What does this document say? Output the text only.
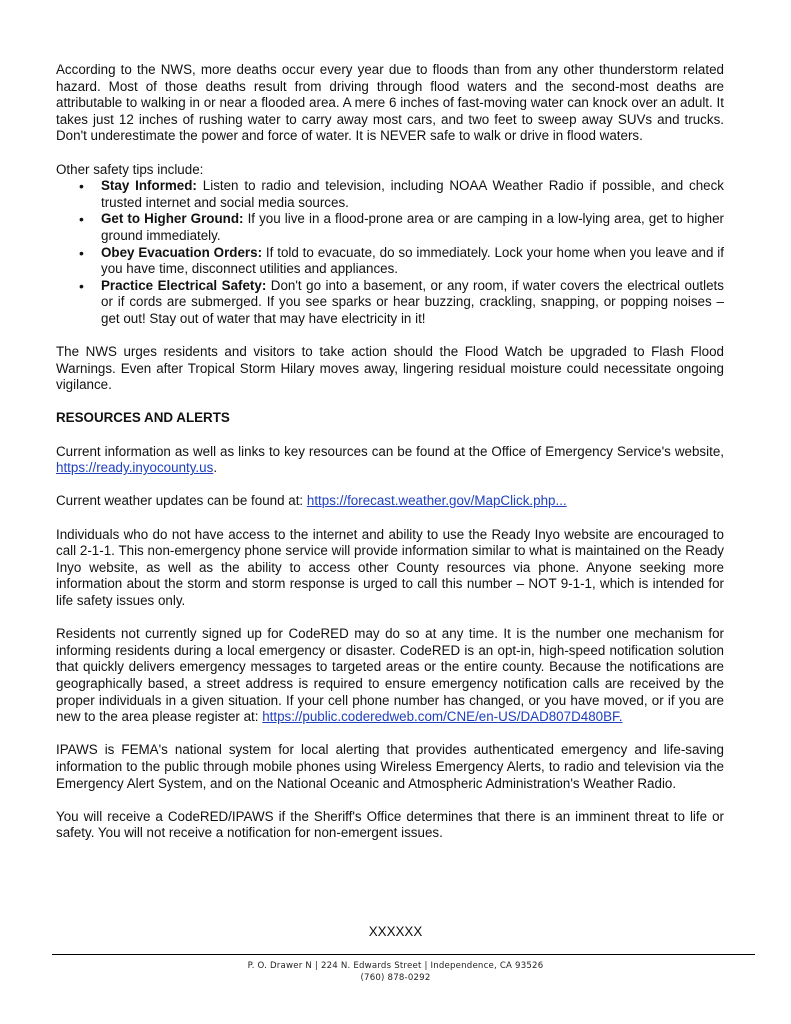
According to the NWS, more deaths occur every year due to floods than from any other thunderstorm related hazard. Most of those deaths result from driving through flood waters and the second-most deaths are attributable to walking in or near a flooded area. A mere 6 inches of fast-moving water can knock over an adult. It takes just 12 inches of rushing water to carry away most cars, and two feet to sweep away SUVs and trucks. Don't underestimate the power and force of water. It is NEVER safe to walk or drive in flood waters.

Other safety tips include:

• Stay Informed: Listen to radio and television, including NOAA Weather Radio if possible, and check trusted internet and social media sources.
• Get to Higher Ground: If you live in a flood-prone area or are camping in a low-lying area, get to higher ground immediately.
• Obey Evacuation Orders: If told to evacuate, do so immediately. Lock your home when you leave and if you have time, disconnect utilities and appliances.
• Practice Electrical Safety: Don't go into a basement, or any room, if water covers the electrical outlets or if cords are submerged. If you see sparks or hear buzzing, crackling, snapping, or popping noises – get out! Stay out of water that may have electricity in it!

The NWS urges residents and visitors to take action should the Flood Watch be upgraded to Flash Flood Warnings. Even after Tropical Storm Hilary moves away, lingering residual moisture could necessitate ongoing vigilance.

RESOURCES AND ALERTS

Current information as well as links to key resources can be found at the Office of Emergency Service's website, https://ready.inyocounty.us.

Current weather updates can be found at: https://forecast.weather.gov/MapClick.php...

Individuals who do not have access to the internet and ability to use the Ready Inyo website are encouraged to call 2-1-1. This non-emergency phone service will provide information similar to what is maintained on the Ready Inyo website, as well as the ability to access other County resources via phone. Anyone seeking more information about the storm and storm response is urged to call this number – NOT 9-1-1, which is intended for life safety issues only.

Residents not currently signed up for CodeRED may do so at any time. It is the number one mechanism for informing residents during a local emergency or disaster. CodeRED is an opt-in, high-speed notification solution that quickly delivers emergency messages to targeted areas or the entire county. Because the notifications are geographically based, a street address is required to ensure emergency notification calls are received by the proper individuals in a given situation. If your cell phone number has changed, or you have moved, or if you are new to the area please register at: https://public.coderedweb.com/CNE/en-US/DAD807D480BF.

IPAWS is FEMA's national system for local alerting that provides authenticated emergency and life-saving information to the public through mobile phones using Wireless Emergency Alerts, to radio and television via the Emergency Alert System, and on the National Oceanic and Atmospheric Administration's Weather Radio.

You will receive a CodeRED/IPAWS if the Sheriff's Office determines that there is an imminent threat to life or safety. You will not receive a notification for non-emergent issues.

XXXXXX
P. O. Drawer N | 224 N. Edwards Street | Independence, CA 93526
(760) 878-0292
